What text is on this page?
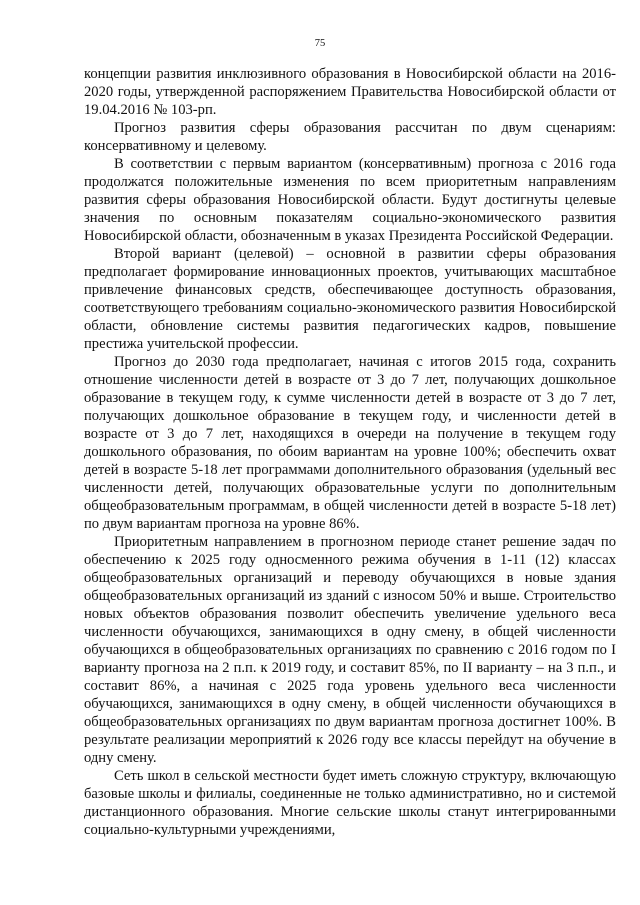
75

концепции развития инклюзивного образования в Новосибирской области на 2016-2020 годы, утвержденной распоряжением Правительства Новосибирской области от 19.04.2016 № 103-рп.

Прогноз развития сферы образования рассчитан по двум сценариям: консервативному и целевому.

В соответствии с первым вариантом (консервативным) прогноза с 2016 года продолжатся положительные изменения по всем приоритетным направлениям развития сферы образования Новосибирской области. Будут достигнуты целевые значения по основным показателям социально-экономического развития Новосибирской области, обозначенным в указах Президента Российской Федерации.

Второй вариант (целевой) – основной в развитии сферы образования предполагает формирование инновационных проектов, учитывающих масштабное привлечение финансовых средств, обеспечивающее доступность образования, соответствующего требованиям социально-экономического развития Новосибирской области, обновление системы развития педагогических кадров, повышение престижа учительской профессии.

Прогноз до 2030 года предполагает, начиная с итогов 2015 года, сохранить отношение численности детей в возрасте от 3 до 7 лет, получающих дошкольное образование в текущем году, к сумме численности детей в возрасте от 3 до 7 лет, получающих дошкольное образование в текущем году, и численности детей в возрасте от 3 до 7 лет, находящихся в очереди на получение в текущем году дошкольного образования, по обоим вариантам на уровне 100%; обеспечить охват детей в возрасте 5-18 лет программами дополнительного образования (удельный вес численности детей, получающих образовательные услуги по дополнительным общеобразовательным программам, в общей численности детей в возрасте 5-18 лет) по двум вариантам прогноза на уровне 86%.

Приоритетным направлением в прогнозном периоде станет решение задач по обеспечению к 2025 году односменного режима обучения в 1-11 (12) классах общеобразовательных организаций и переводу обучающихся в новые здания общеобразовательных организаций из зданий с износом 50% и выше. Строительство новых объектов образования позволит обеспечить увеличение удельного веса численности обучающихся, занимающихся в одну смену, в общей численности обучающихся в общеобразовательных организациях по сравнению с 2016 годом по I варианту прогноза на 2 п.п. к 2019 году, и составит 85%, по II варианту – на 3 п.п., и составит 86%, а начиная с 2025 года уровень удельного веса численности обучающихся, занимающихся в одну смену, в общей численности обучающихся в общеобразовательных организациях по двум вариантам прогноза достигнет 100%. В результате реализации мероприятий к 2026 году все классы перейдут на обучение в одну смену.

Сеть школ в сельской местности будет иметь сложную структуру, включающую базовые школы и филиалы, соединенные не только административно, но и системой дистанционного образования. Многие сельские школы станут интегрированными социально-культурными учреждениями,
